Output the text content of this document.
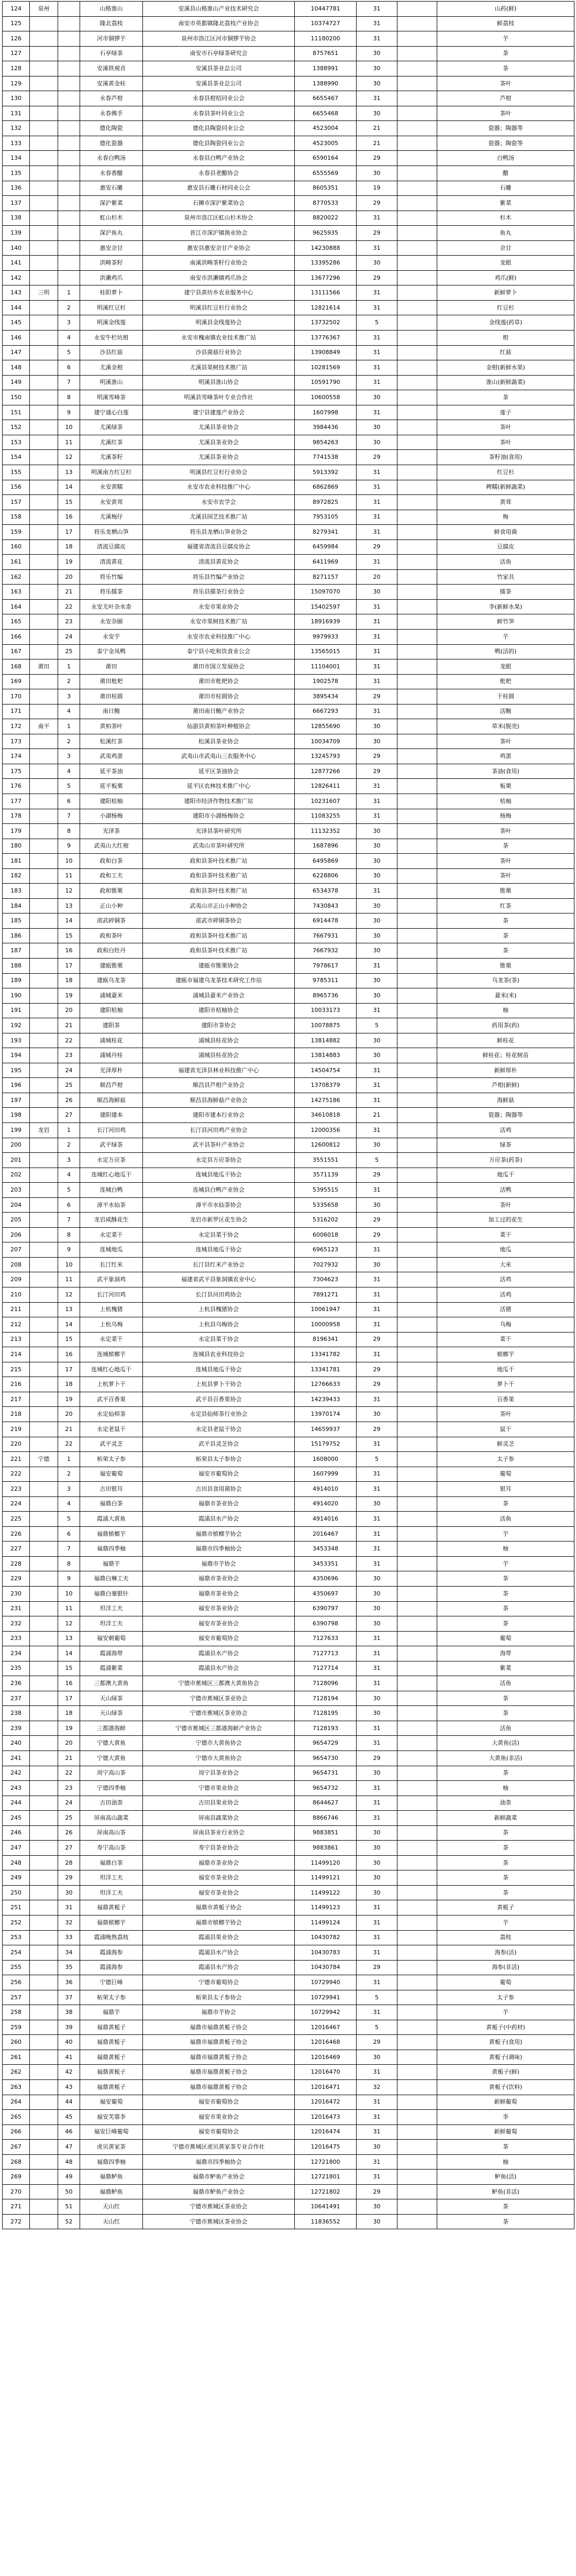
124	泉州		山格淮山	安溪县山格淮山产业技术研究会	10447781	31		山药(鲜)
125			隆北荔枝	南安市英都镇隆北荔枝产业协会	10374727	31		鲜荔枝
126			河市铜锣芋	泉州市洛江区河市铜锣芋协会	11180200	31		芋
127			石亭绿茶	南安市石亭绿茶研究会	8757651	30		茶
128			安溪铁观音	安溪县茶业总公司	1388991	30		茶
129			安溪黄金桂	安溪县茶业总公司	1388990	30		茶叶
130			永春芦柑	永春县柑桔同业公会	6655467	31		芦柑
131			永春佛手	永春县茶叶同业公会	6655468	30		茶叶
132			德化陶瓷	德化县陶瓷同业公会	4523004	21		瓷器；陶器等
133			德化瓷器	德化县陶瓷同业公会	4523005	21		瓷器；陶瓷等
134			永春白鸭汤	永春县白鸭产业协会	6590164	29		白鸭汤
135			永春香醋	永春县老醋协会	6555569	30		醋
136			惠安石雕	惠安县石雕石材同业公会	8605351	19		石雕
137			深沪紫菜	石狮市深沪紫菜协会	8770533	29		紫菜
138			虹山杉木	泉州市洛江区虹山杉木协会	8820022	31		杉木
139			深沪鱼丸	晋江市深沪镇渔业协会	9625935	29		鱼丸
140			惠安余甘	惠安县惠安余甘产业协会	14230888	31		余甘
141			洪畴茶籽	南溪洪畴茶籽行业协会	13395286	30		龙眼
142			洪濑鸡爪	南安市洪濑镇鸡爪协会	13677296	29		鸡爪(鲜)
143	三明	1	桂阳萝卜	建宁县黄坊乡农业服务中心	13111566	31		新鲜萝卜
144		2	明溪红豆杉	明溪县红豆杉行业协会	12821614	31		红豆杉
145		3	明溪金线莲	明溪县金线莲协会	13732502	5		金线莲(药草)
146		4	永安牛栏坑柑	永安市槐南镇农业技术推广站	13776367	31		柑
147		5	沙县红菇	沙县菌菇行业协会	13908849	31		红菇
148		6	尤溪金柑	尤溪县果树技术推广站	10281569	31		金柑(新鲜水果)
149		7	明溪淮山	明溪县淮山协会	10591790	31		淮山(新鲜蔬菜)
150		8	明溪雪峰茶	明溪县雪峰茶叶专业合作社	10600558	30		茶
151		9	建宁通心白莲	建宁县建莲产业协会	1607998	31		莲子
152		10	尤溪绿茶	尤溪县茶业协会	3984436	30		茶叶
153		11	尤溪红茶	尤溪县茶业协会	9854263	30		茶叶
154		12	尤溪茶籽	尤溪县茶业协会	7741538	29		茶籽油(食用)
155		13	明溪南方红豆杉	明溪县红豆杉行业协会	5913392	31		红豆杉
156		14	永安黄糯	永安市农业科技推广中心	6862869	31		稗糯(新鲜蔬菜)
157		15	永安黄茸	永安市农学会	8972825	31		黄茸
158		16	尤溪梅仔	尤溪县园艺技术推广站	7953105	31		梅
159		17	将乐龙栖山笋	将乐县龙栖山笋业协会	8279341	31		鲜食用菌
160		18	清流豆腐皮	福建省清流县豆腐皮协会	6459984	29		豆腐皮
161		19	清流黄花	清流县黄花协会	6411969	31		活鱼
162		20	将乐竹编	将乐县竹编产业协会	8271157	20		竹家具
163		21	将乐擂茶	将乐县擂茶行业协会	15097070	30		擂茶
164		22	永安尤叶杂水柰	永安市果业协会	15402597	31		李(新鲜水果)
165		23	永安杂颐	永安市果树技术推广站	18916939	31		鲜竹笋
166		24	永安芋	永安市农业科技推广中心	9979933	31		芋
167		25	泰宁金凤鸭	泰宁县小吃和饮食业公会	13565015	31		鸭(活的)
168	莆田	1	莆田	莆田市国立发展协会	11104001	31		龙眼
169		2	莆田枇杷	莆田市枇杷协会	1902578	31		枇杷
170		3	莆田桂圆	莆田市桂圆协会	3895434	29		干桂圆
171		4	南日鲍	莆田南日鲍产业协会	6667293	31		活鲍
172	南平	1	黄柏茶叶	仙游县黄柏茶叶种植协会	12855690	30		草米(脱壳)
173		2	松溪红茶	松溪县茶业协会	10034709	30		茶叶
174		3	武夷鸡蛋	武夷山市武夷山三农服务中心	13245793	29		鸡蛋
175		4	延平茶油	延平区茶油协会	12877266	29		茶油(食用)
176		5	延平板栗	延平区农林技术推广中心	12826411	31		板栗
177		6	建阳桔柚	建阳市经济作物技术推广站	10231607	31		桔柚
178		7	小湖杨梅	建阳市小湖杨梅协会	11083255	31		杨梅
179		8	光泽茶	光泽县茶叶研究所	11132352	30		茶叶
180		9	武夷山大红袍	武夷山市茶叶研究所	1687896	30		茶
181		10	政和白茶	政和县茶叶技术推广站	6495869	30		茶叶
182		11	政和工夫	政和县茶叶技术推广站	6228806	30		茶叶
183		12	政和锥栗	政和县茶叶技术推广站	6534378	31		锥栗
184		13	正山小种	武夷山市正山小种协会	7430843	30		红茶
185		14	邵武碎铜茶	邵武市碎铜茶协会	6914478	30		茶
186		15	政和茶叶	政和县茶叶技术推广站	7667931	30		茶
187		16	政和白牡丹	政和县茶叶技术推广站	7667932	30		茶
188		17	建瓯锥栗	建瓯市锥栗协会	7978617	31		锥栗
189		18	建瓯乌龙茶	建瓯市福建乌龙茶技术研究工作站	9785311	30		乌龙茶(茶)
190		19	浦城薏米	浦城县薏米产业协会	8965736	30		薏米(米)
191		20	建阳桔柚	建阳市桔柚协会	10033173	31		柚
192		21	建阳茶	建阳市茶协会	10078875	5		药用茶(药)
193		22	浦城桂花	浦城县桂花协会	13814882	30		鲜桂花
194		23	浦城丹桂	浦城县桂花协会	13814883	30		鲜桂花；桂花树苗
195		24	光泽厚朴	福建省光泽县林业科技推广中心	14504754	31		新鲜厚朴
196		25	顺昌芦柑	顺昌县芦柑产业协会	13708379	31		芦柑(新鲜)
197		26	顺昌海鲜菇	顺昌县海鲜菇产业协会	14275186	31		海鲜菇
198		27	建阳建本	建阳市建本行业协会	34610818	21		瓷器；陶器等
199	龙岩	1	长汀河田鸡	长汀县河田鸡产业协会	12000356	31		活鸡
200		2	武平绿茶	武平县茶叶产业协会	12600812	30		绿茶
201		3	永定万应茶	永定县万应茶协会	3551551	5		万应茶(药茶)
202		4	连城红心地瓜干	连城县地瓜干协会	3571139	29		地瓜干
203		5	连城白鸭	连城县白鸭产业协会	5395515	31		活鸭
204		6	漳平水仙茶	漳平市水仙茶协会	5335658	30		茶叶
205		7	龙岩咸酥花生	龙岩市新罗区花生协会	5316202	29		加工过的花生
206		8	永定菜干	永定县菜干协会	6006018	29		菜干
207		9	连城地瓜	连城县地瓜干协会	6965123	31		地瓜
208		10	长汀红米	长汀县红米产业协会	7027932	30		大米
209		11	武平象洞鸡	福建省武平县象洞镇农业中心	7304623	31		活鸡
210		12	长汀河田鸡	长汀县河田鸡协会	7891271	31		活鸡
211		13	上杭槐猪	上杭县槐猪协会	10061947	31		活猪
212		14	上杭乌梅	上杭县乌梅协会	10000958	31		乌梅
213		15	永定菜干	永定县菜干协会	8196341	29		菜干
214		16	连城槟榔芋	连城县农业科技协会	13341782	31		槟榔芋
215		17	连城红心地瓜干	连城县地瓜干协会	13341781	29		地瓜干
216		18	上杭萝卜干	上杭县萝卜干协会	12766633	29		萝卜干
217		19	武平百香果	武平县百香果协会	14239433	31		百香果
218		20	永定仙师茶	永定县仙师茶行业协会	13970174	30		茶叶
219		21	永定老鼠干	永定县老鼠干协会	14659937	29		鼠干
220		22	武平灵芝	武平县灵芝协会	15179752	31		鲜灵芝
221	宁德	1	柘荣太子参	柘荣县太子参协会	1608000	5		太子参
222		2	福安葡萄	福安市葡萄协会	1607999	31		葡萄
223		3	古田银耳	古田县食用菌协会	4914010	31		银耳
224		4	福鼎白茶	福鼎市茶业协会	4914020	30		茶
225		5	霞浦大黄鱼	霞浦县水产协会	4914016	31		活鱼
226		6	福鼎槟榔芋	福鼎市槟榔芋协会	2016467	31		芋
227		7	福鼎四季柚	福鼎市四季柚协会	3453348	31		柚
228		8	福鼎芋	福鼎市芋协会	3453351	31		芋
229		9	福鼎白琳工夫	福鼎市茶业协会	4350696	30		茶
230		10	福鼎白毫银针	福鼎市茶业协会	4350697	30		茶
231		11	坦洋工夫	福安市茶业协会	6390797	30		茶
232		12	坦洋工夫	福安市茶业协会	6390798	30		茶
233		13	福安刺葡萄	福安市葡萄协会	7127633	31		葡萄
234		14	霞浦海带	霞浦县水产协会	7127713	31		海带
235		15	霞浦紫菜	霞浦县水产协会	7127714	31		紫菜
236		16	三都澳大黄鱼	宁德市蕉城区三都澳大黄鱼协会	7128096	31		活鱼
237		17	天山绿茶	宁德市蕉城区茶业协会	7128194	30		茶
238		18	天山绿茶	宁德市蕉城区茶业协会	7128195	30		茶
239		19	三都港海鲜	宁德市蕉城区三都港海鲜产业协会	7128193	31		活鱼
240		20	宁德大黄鱼	宁德市大黄鱼协会	9654729	31		大黄鱼(活)
241		21	宁德大黄鱼	宁德市大黄鱼协会	9654730	29		大黄鱼(非活)
242		22	周宁高山茶	周宁县茶业协会	9654731	30		茶
243		23	宁德四季柚	宁德市果业协会	9654732	31		柚
244		24	古田油柰	古田县果业协会	8644627	31		油柰
245		25	屏南高山蔬菜	屏南县蔬菜协会	8866746	31		新鲜蔬菜
246		26	屏南高山茶	屏南县茶业行业协会	9883851	30		茶
247		27	寿宁高山茶	寿宁县茶业协会	9883861	30		茶
248		28	福鼎白茶	福鼎市茶业协会	11499120	30		茶
249		29	坦洋工夫	福安市茶业协会	11499121	30		茶
250		30	坦洋工夫	福安市茶业协会	11499122	30		茶
251		31	福鼎黄栀子	福鼎市黄栀子协会	11499123	31		黄栀子
252		32	福鼎槟榔芋	福鼎市槟榔芋协会	11499124	31		芋
253		33	霞浦晚熟荔枝	霞浦县果业协会	10430782	31		荔枝
254		34	霞浦海参	霞浦县水产协会	10430783	31		海参(活)
255		35	霞浦海参	霞浦县水产协会	10430784	29		海参(非活)
256		36	宁德巨峰	宁德市葡萄协会	10729940	31		葡萄
257		37	柘荣太子参	柘荣县太子参协会	10729941	5		太子参
258		38	福鼎芋	福鼎市芋协会	10729942	31		芋
259		39	福鼎黄栀子	福鼎市福鼎黄栀子协会	12016467	5		黄栀子(中药材)
260		40	福鼎黄栀子	福鼎市福鼎黄栀子协会	12016468	29		黄栀子(食用)
261		41	福鼎黄栀子	福鼎市福鼎黄栀子协会	12016469	30		黄栀子(调味)
262		42	福鼎黄栀子	福鼎市福鼎黄栀子协会	12016470	31		黄栀子(鲜)
263		43	福鼎黄栀子	福鼎市福鼎黄栀子协会	12016471	32		黄栀子(饮料)
264		44	福安葡萄	福安市葡萄协会	12016472	31		新鲜葡萄
265		45	福安芙蓉李	福安市果业协会	12016473	31		李
266		46	福安巨峰葡萄	福安市葡萄协会	12016474	31		新鲜葡萄
267		47	虎贝黄家茶	宁德市蕉城区虎贝黄家茶专业合作社	12016475	30		茶
268		48	福鼎四季柚	福鼎市四季柚协会	12721800	31		柚
269		49	福鼎鲈鱼	福鼎市鲈鱼产业协会	12721801	31		鲈鱼(活)
270		50	福鼎鲈鱼	福鼎市鲈鱼产业协会	12721802	29		鲈鱼(非活)
271		51	天山红	宁德市蕉城区茶业协会	10641491	30		茶
272		52	天山红	宁德市蕉城区茶业协会	11836552	30		茶
